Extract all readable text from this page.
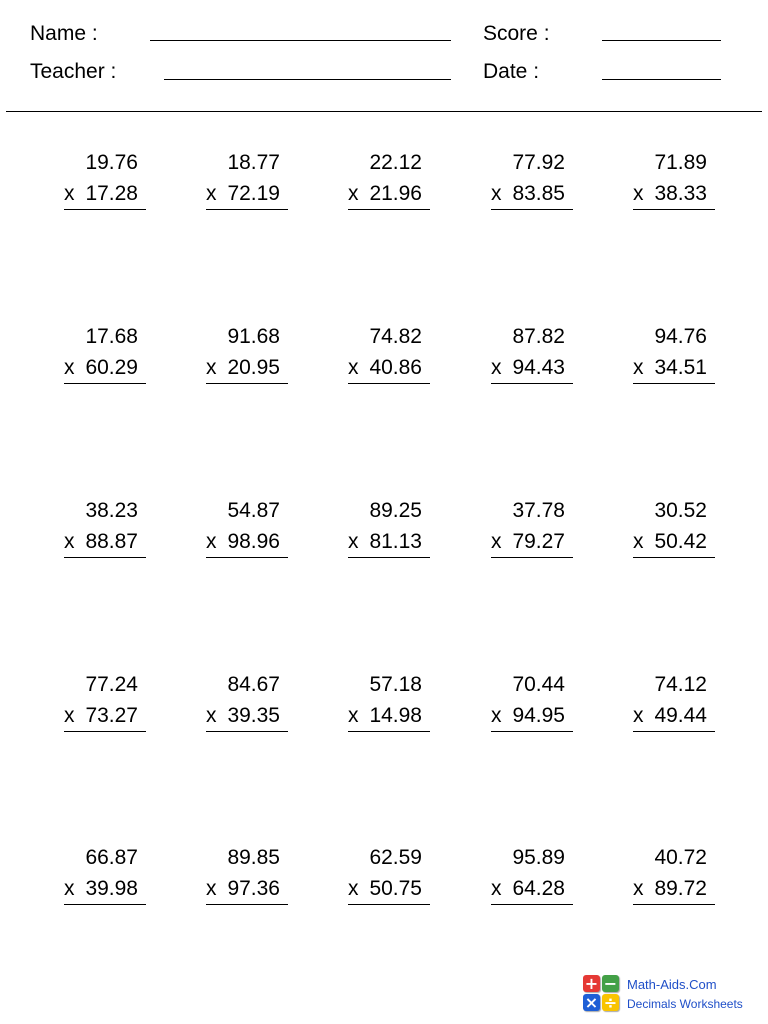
Name :
Teacher :
Score :
Date :
19.76
x 17.28
18.77
x 72.19
22.12
x 21.96
77.92
x 83.85
71.89
x 38.33
17.68
x 60.29
91.68
x 20.95
74.82
x 40.86
87.82
x 94.43
94.76
x 34.51
38.23
x 88.87
54.87
x 98.96
89.25
x 81.13
37.78
x 79.27
30.52
x 50.42
77.24
x 73.27
84.67
x 39.35
57.18
x 14.98
70.44
x 94.95
74.12
x 49.44
66.87
x 39.98
89.85
x 97.36
62.59
x 50.75
95.89
x 64.28
40.72
x 89.72
+ −
× ÷
Math-Aids.Com
Decimals Worksheets
